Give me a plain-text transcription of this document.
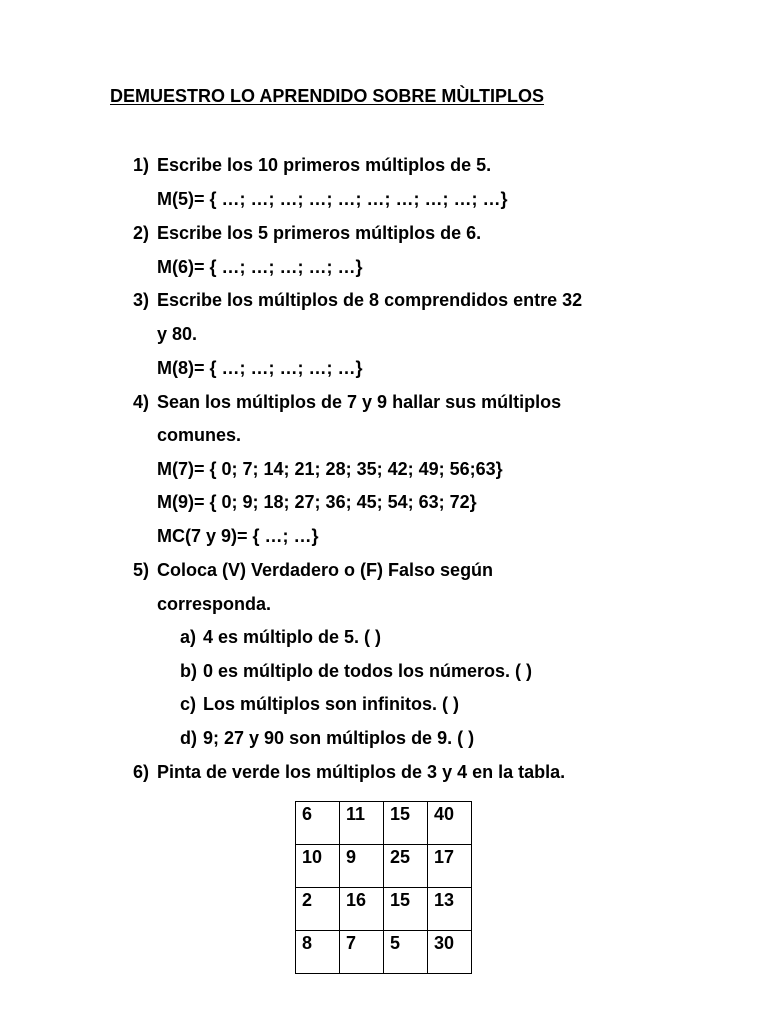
DEMUESTRO LO APRENDIDO SOBRE MÙLTIPLOS
1) Escribe los 10 primeros múltiplos de 5.
M(5)= { …; …; …; …; …; …; …; …; …; …}
2) Escribe los 5 primeros múltiplos de 6.
M(6)= { …; …; …; …; …}
3) Escribe los múltiplos de 8 comprendidos entre 32
y 80.
M(8)= { …; …; …; …; …}
4) Sean los múltiplos de 7 y 9 hallar sus múltiplos
comunes.
M(7)= { 0; 7; 14; 21; 28; 35; 42; 49; 56;63}
M(9)= { 0; 9; 18; 27; 36; 45; 54; 63; 72}
MC(7 y 9)= { …; …}
5) Coloca (V) Verdadero o (F) Falso según
corresponda.
a) 4 es múltiplo de 5. ( )
b) 0 es múltiplo de todos los números. ( )
c) Los múltiplos son infinitos. ( )
d) 9; 27 y 90 son múltiplos de 9. ( )
6) Pinta de verde los múltiplos de 3 y 4 en la tabla.
6	11	15	40
10	9	25	17
2	16	15	13
8	7	5	30
